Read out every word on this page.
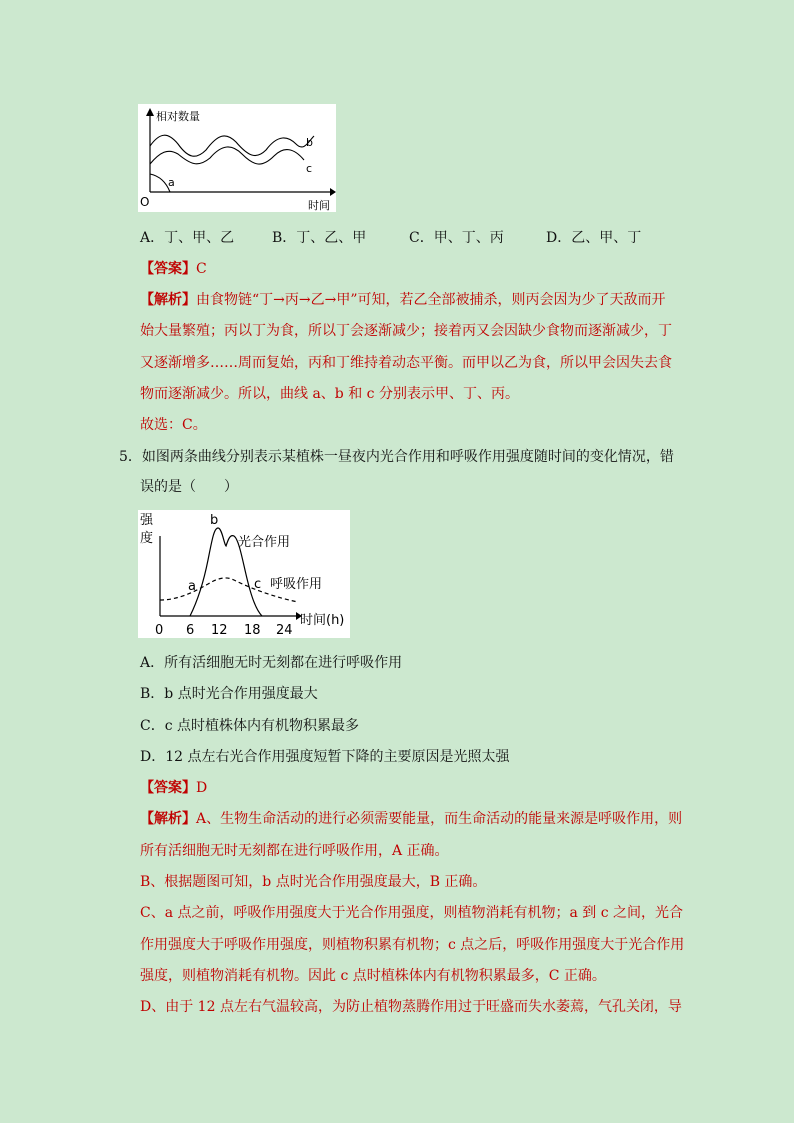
相对数量
时间
O
a
b
c
A．丁、甲、乙	B．丁、乙、甲	C．甲、丁、丙	D．乙、甲、丁
【答案】C
【解析】由食物链“丁→丙→乙→甲”可知，若乙全部被捕杀，则丙会因为少了天敌而开
始大量繁殖；丙以丁为食，所以丁会逐渐减少；接着丙又会因缺少食物而逐渐减少，丁
又逐渐增多……周而复始，丙和丁维持着动态平衡。而甲以乙为食，所以甲会因失去食
物而逐渐减少。所以，曲线 a、b 和 c 分别表示甲、丁、丙。
故选：C。
5．如图两条曲线分别表示某植株一昼夜内光合作用和呼吸作用强度随时间的变化情况，错
误的是（　　）
强
度
时间(h)
0 6 12 18 24
a
b
c
光合作用
呼吸作用
A．所有活细胞无时无刻都在进行呼吸作用
B．b 点时光合作用强度最大
C．c 点时植株体内有机物积累最多
D．12 点左右光合作用强度短暂下降的主要原因是光照太强
【答案】D
【解析】A、生物生命活动的进行必须需要能量，而生命活动的能量来源是呼吸作用，则
所有活细胞无时无刻都在进行呼吸作用，A 正确。
B、根据题图可知，b 点时光合作用强度最大，B 正确。
C、a 点之前，呼吸作用强度大于光合作用强度，则植物消耗有机物；a 到 c 之间，光合
作用强度大于呼吸作用强度，则植物积累有机物；c 点之后，呼吸作用强度大于光合作用
强度，则植物消耗有机物。因此 c 点时植株体内有机物积累最多，C 正确。
D、由于 12 点左右气温较高，为防止植物蒸腾作用过于旺盛而失水萎蔫，气孔关闭，导
